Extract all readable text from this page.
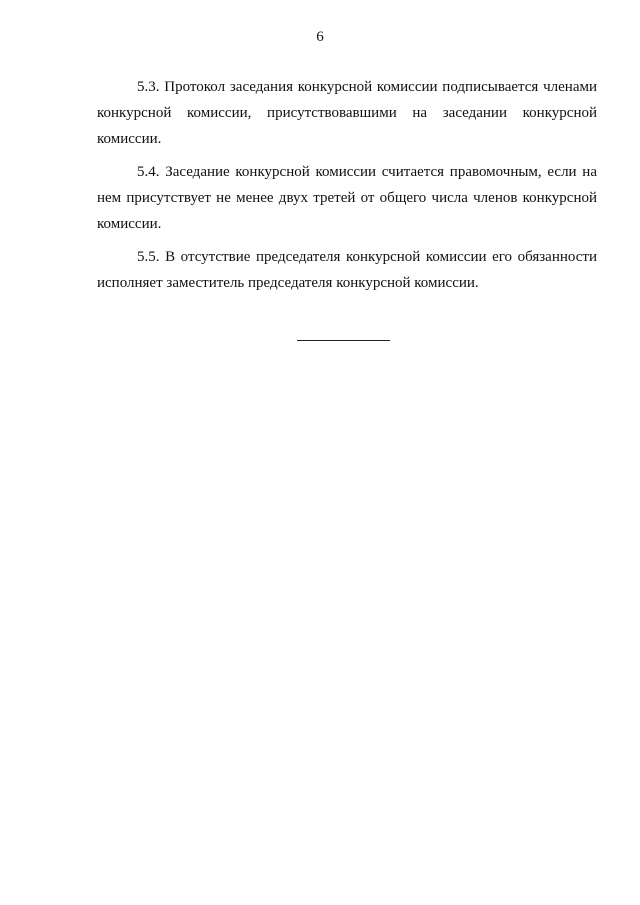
6

5.3. Протокол заседания конкурсной комиссии подписывается членами конкурсной комиссии, присутствовавшими на заседании конкурсной комиссии.

5.4. Заседание конкурсной комиссии считается правомочным, если на нем присутствует не менее двух третей от общего числа членов конкурсной комиссии.

5.5. В отсутствие председателя конкурсной комиссии его обязанности исполняет заместитель председателя конкурсной комиссии.
